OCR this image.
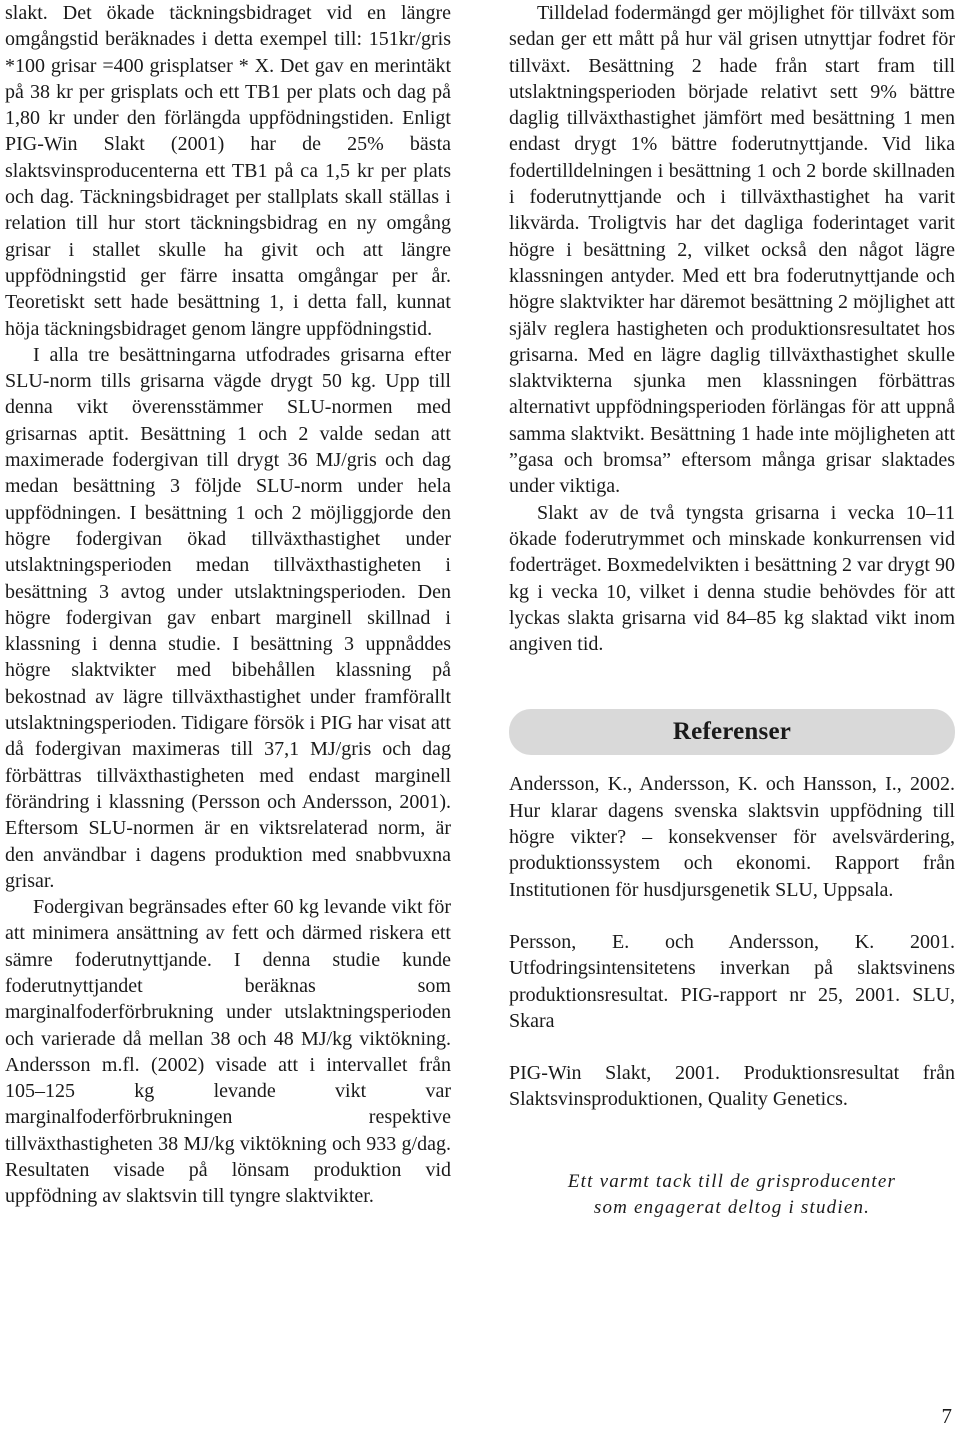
slakt. Det ökade täckningsbidraget vid en längre omgångstid beräknades i detta exempel till: 151kr/gris *100 grisar =400 grisplatser * X. Det gav en merintäkt på 38 kr per grisplats och ett TB1 per plats och dag på 1,80 kr under den förlängda uppfödningstiden. Enligt PIG-Win Slakt (2001) har de 25% bästa slaktsvinsproducenterna ett TB1 på ca 1,5 kr per plats och dag. Täckningsbidraget per stallplats skall ställas i relation till hur stort täckningsbidrag en ny omgång grisar i stallet skulle ha givit och att längre uppfödningstid ger färre insatta omgångar per år. Teoretiskt sett hade besättning 1, i detta fall, kunnat höja täckningsbidraget genom längre uppfödningstid.

I alla tre besättningarna utfodrades grisarna efter SLU-norm tills grisarna vägde drygt 50 kg. Upp till denna vikt överensstämmer SLU-normen med grisarnas aptit. Besättning 1 och 2 valde sedan att maximerade fodergivan till drygt 36 MJ/gris och dag medan besättning 3 följde SLU-norm under hela uppfödningen. I besättning 1 och 2 möjliggjorde den högre fodergivan ökad tillväxthastighet under utslaktningsperioden medan tillväxthastigheten i besättning 3 avtog under utslaktningsperioden. Den högre fodergivan gav enbart marginell skillnad i klassning i denna studie. I besättning 3 uppnåddes högre slaktvikter med bibehållen klassning på bekostnad av lägre tillväxthastighet under framförallt utslaktningsperioden. Tidigare försök i PIG har visat att då fodergivan maximeras till 37,1 MJ/gris och dag förbättras tillväxthastigheten med endast marginell förändring i klassning (Persson och Andersson, 2001). Eftersom SLU-normen är en viktsrelaterad norm, är den användbar i dagens produktion med snabbvuxna grisar.

Fodergivan begränsades efter 60 kg levande vikt för att minimera ansättning av fett och därmed riskera ett sämre foderutnyttjande. I denna studie kunde foderutnyttjandet beräknas som marginalfoderförbrukning under utslaktningsperioden och varierade då mellan 38 och 48 MJ/kg viktökning. Andersson m.fl. (2002) visade att i intervallet från 105–125 kg levande vikt var marginalfoderförbrukningen respektive tillväxthastigheten 38 MJ/kg viktökning och 933 g/dag. Resultaten visade på lönsam produktion vid uppfödning av slaktsvin till tyngre slaktvikter.

Tilldelad fodermängd ger möjlighet för tillväxt som sedan ger ett mått på hur väl grisen utnyttjar fodret för tillväxt. Besättning 2 hade från start fram till utslaktningsperioden började relativt sett 9% bättre daglig tillväxthastighet jämfört med besättning 1 men endast drygt 1% bättre foderutnyttjande. Vid lika fodertilldelningen i besättning 1 och 2 borde skillnaden i foderutnyttjande och i tillväxthastighet ha varit likvärda. Troligtvis har det dagliga foderintaget varit högre i besättning 2, vilket också den något lägre klassningen antyder. Med ett bra foderutnyttjande och högre slaktvikter har däremot besättning 2 möjlighet att själv reglera hastigheten och produktionsresultatet hos grisarna. Med en lägre daglig tillväxthastighet skulle slaktvikterna sjunka men klassningen förbättras alternativt uppfödningsperioden förlängas för att uppnå samma slaktvikt. Besättning 1 hade inte möjligheten att ”gasa och bromsa” eftersom många grisar slaktades under viktiga.

Slakt av de två tyngsta grisarna i vecka 10–11 ökade foderutrymmet och minskade konkurrensen vid foderträget. Boxmedelvikten i besättning 2 var drygt 90 kg i vecka 10, vilket i denna studie behövdes för att lyckas slakta grisarna vid 84–85 kg slaktad vikt inom angiven tid.

Referenser

Andersson, K., Andersson, K. och Hansson, I., 2002. Hur klarar dagens svenska slaktsvin uppfödning till högre vikter? – konsekvenser för avelsvärdering, produktionssystem och ekonomi. Rapport från Institutionen för husdjursgenetik SLU, Uppsala.

Persson, E. och Andersson, K. 2001. Utfodringsintensitetens inverkan på slaktsvinens produktionsresultat. PIG-rapport nr 25, 2001. SLU, Skara

PIG-Win Slakt, 2001. Produktionsresultat från Slaktsvinsproduktionen, Quality Genetics.

Ett varmt tack till de grisproducenter
som engagerat deltog i studien.
7
